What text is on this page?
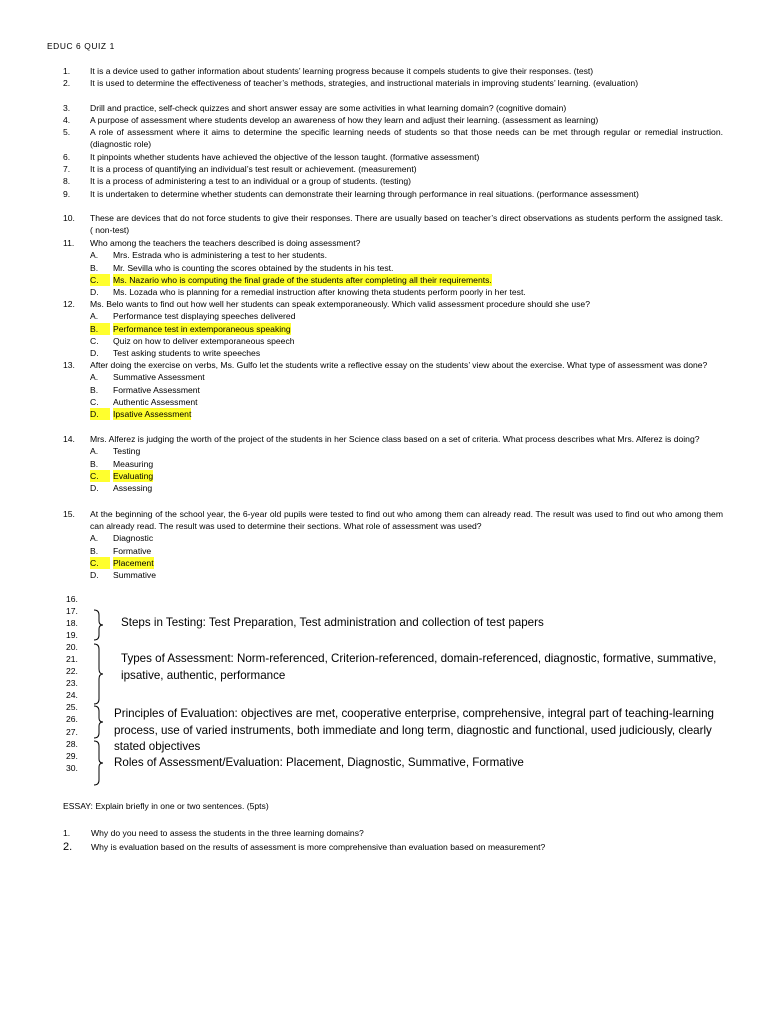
EDUC 6 QUIZ 1
1.	It is a device used to gather information about students’ learning progress because it compels students to give their responses. (test)
2.	It is used to determine the effectiveness of teacher’s methods, strategies, and instructional materials in improving students’ learning. (evaluation)
3.	Drill and practice, self-check quizzes and short answer essay are some activities in what learning domain? (cognitive domain)
4.	A purpose of assessment where students develop an awareness of how they learn and adjust their learning. (assessment as learning)
5.	A role of assessment where it aims to determine the specific learning needs of students so that those needs can be met through regular or remedial instruction. (diagnostic role)
6.	It pinpoints whether students have achieved the objective of the lesson taught. (formative assessment)
7.	It is a process of quantifying an individual’s test result or achievement. (measurement)
8.	It is a process of administering a test to an individual or a group of students. (testing)
9.	It is undertaken to determine whether students can demonstrate their learning through performance in real situations. (performance assessment)
10.	These are devices that do not force students to give their responses. There are usually based on teacher’s direct observations as students perform the assigned task. ( non-test)
11.	Who among the teachers the teachers described is doing assessment?
A.	Mrs. Estrada who is administering a test to her students.
B.	Mr. Sevilla who is counting the scores obtained by the students in his test.
C.	Ms. Nazario who is computing the final grade of the students after completing all their requirements.
D.	Ms. Lozada who is planning for a remedial instruction after knowing theta students perform poorly in her test.
12.	Ms. Belo wants to find out how well her students can speak extemporaneously. Which valid assessment procedure should she use?
A.	Performance test displaying speeches delivered
B.	Performance test in extemporaneous speaking
C.	Quiz on how to deliver extemporaneous speech
D.	Test asking students to write speeches
13.	After doing the exercise on verbs, Ms. Gulfo let the students write a reflective essay on the students’ view about the exercise. What type of assessment was done?
A.	Summative Assessment
B.	Formative Assessment
C.	Authentic Assessment
D.	Ipsative Assessment
14.	Mrs. Alferez is judging the worth of the project of the students in her Science class based on a set of criteria. What process describes what Mrs. Alferez is doing?
A.	Testing
B.	Measuring
C.	Evaluating
D.	Assessing
15.	At the beginning of the school year, the 6-year old pupils were tested to find out who among them can already read. The result was used to find out who among them can already read. The result was used to determine their sections. What role of assessment was used?
A.	Diagnostic
B.	Formative
C.	Placement
D.	Summative
16.
17.
18.
19.
20.
21.
22.
23.
24.
25.
26.
27.
28.
29.
30.
Steps in Testing: Test Preparation, Test administration and collection of test papers
Types of Assessment: Norm-referenced, Criterion-referenced, domain-referenced, diagnostic, formative, summative, ipsative, authentic, performance
Principles of Evaluation: objectives are met, cooperative enterprise, comprehensive, integral part of teaching-learning process, use of varied instruments, both immediate and long term, diagnostic and functional, used judiciously, clearly stated objectives
Roles of Assessment/Evaluation: Placement, Diagnostic, Summative, Formative
ESSAY: Explain briefly in one or two sentences. (5pts)
1. Why do you need to assess the students in the three learning domains?
2. Why is evaluation based on the results of assessment is more comprehensive than evaluation based on measurement?
